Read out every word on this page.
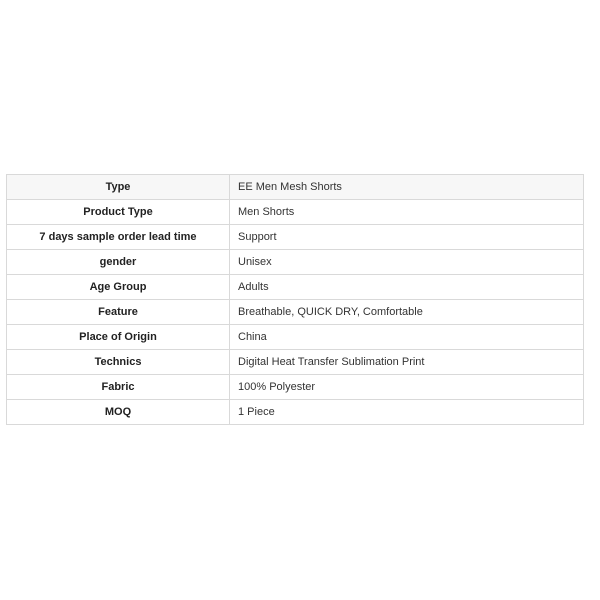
Type	EE Men Mesh Shorts
Product Type	Men Shorts
7 days sample order lead time	Support
gender	Unisex
Age Group	Adults
Feature	Breathable, QUICK DRY, Comfortable
Place of Origin	China
Technics	Digital Heat Transfer Sublimation Print
Fabric	100% Polyester
MOQ	1 Piece
